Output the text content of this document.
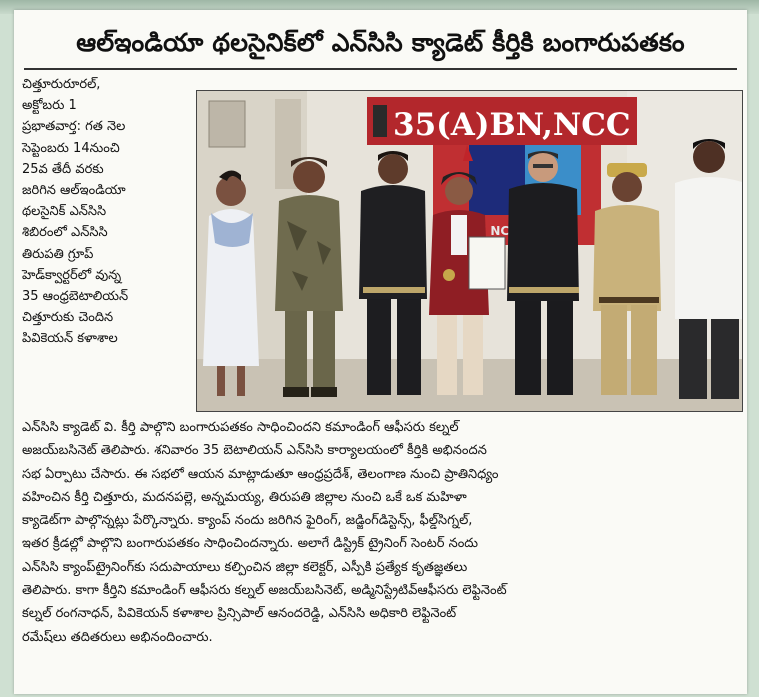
ఆల్‌ఇండియా థలసైనిక్‌లో ఎన్‌సిసి క్యాడెట్ కీర్తికి బంగారుపతకం

చిత్తూరురూరల్,

అక్టోబరు 1

ప్రభాతవార్త: గత నెల

సెప్టెంబరు 14నుంచి

25వ తేదీ వరకు

జరిగిన ఆల్‌ఇండియా

థలసైనిక్ ఎన్‌సిసి

శిబిరంలో ఎన్‌సిసి

తిరుపతి గ్రూప్

హెడ్‌క్వార్టర్‌లో వున్న

35 ఆంధ్రబెటాలియన్

చిత్తూరుకు చెందిన

పివికెయన్ కళాశాల

35(A)BN,NCC
NCC

ఎన్‌సిసి క్యాడెట్ వి. కీర్తి పాల్గొని బంగారుపతకం సాధించిందని కమాండింగ్ ఆఫీసరు కల్నల్

అజయ్‌బసినెట్ తెలిపారు. శనివారం 35 బెటాలియన్ ఎన్‌సిసి కార్యాలయంలో కీర్తికి అభినందన

సభ ఏర్పాటు చేసారు. ఈ సభలో ఆయన మాట్లాడుతూ ఆంధ్రప్రదేశ్, తెలంగాణ నుంచి ప్రాతినిధ్యం

వహించిన కీర్తి చిత్తూరు, మదనపల్లె, అన్నమయ్య, తిరుపతి జిల్లాల నుంచి ఒకే ఒక మహిళా

క్యాడెట్‌గా పాల్గొన్నట్లు పేర్కొన్నారు. క్యాంప్ నందు జరిగిన ఫైరింగ్, జడ్జింగ్‌డిస్టెన్స్, ఫీల్డ్‌సిగ్నల్,

ఇతర క్రీడల్లో పాల్గొని బంగారుపతకం సాధించిందన్నారు. అలాగే డిస్ట్రిక్ ట్రైనింగ్ సెంటర్ నందు

ఎన్‌సిసి క్యాంప్‌ట్రైనింగ్‌కు సదుపాయాలు కల్పించిన జిల్లా కలెక్టర్, ఎస్పీకి ప్రత్యేక కృతజ్ఞతలు

తెలిపారు. కాగా కీర్తిని కమాండింగ్ ఆఫీసరు కల్నల్ అజయ్‌బసినెట్, అడ్మినిస్ట్రేటివ్‌ఆఫీసరు లెఫ్టినెంట్

కల్నల్ రంగనాధన్, పివికెయన్ కళాశాల ప్రిన్సిపాల్ ఆనందరెడ్డి, ఎన్‌సిసి అధికారి లెఫ్టినెంట్

రమేష్‌లు తదితరులు అభినందించారు.
